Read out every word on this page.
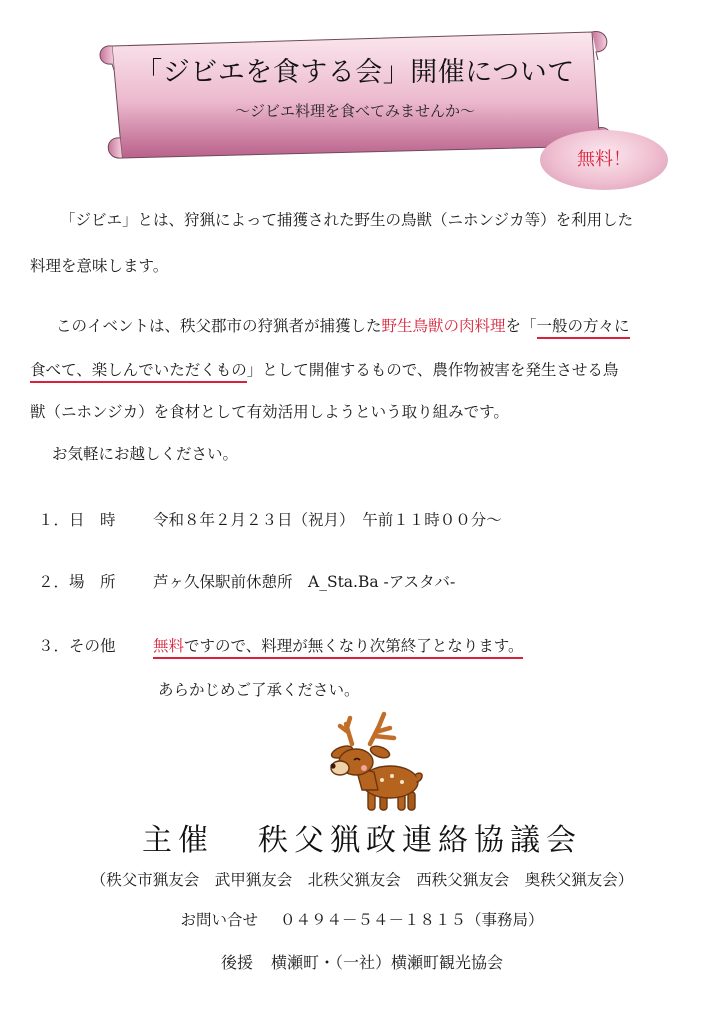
「ジビエを食する会」開催について
～ジビエ料理を食べてみませんか～
無料！
「ジビエ」とは、狩猟によって捕獲された野生の鳥獣（ニホンジカ等）を利用した
料理を意味します。
このイベントは、秩父郡市の狩猟者が捕獲した野生鳥獣の肉料理を「一般の方々に
食べて、楽しんでいただくもの」として開催するもので、農作物被害を発生させる鳥
獣（ニホンジカ）を食材として有効活用しようという取り組みです。
お気軽にお越しください。
１．日　時 令和８年２月２３日（祝月）　午前１１時００分～
２．場　所 芦ヶ久保駅前休憩所　A_Sta.Ba -アスタバ-
３．その他 無料ですので、料理が無くなり次第終了となります。
あらかじめご了承ください。
主催 秩父猟政連絡協議会
（秩父市猟友会　武甲猟友会　北秩父猟友会　西秩父猟友会　奥秩父猟友会）
お問い合せ ０４９４－５４－１８１５（事務局）
後援 横瀬町・（一社）横瀬町観光協会
